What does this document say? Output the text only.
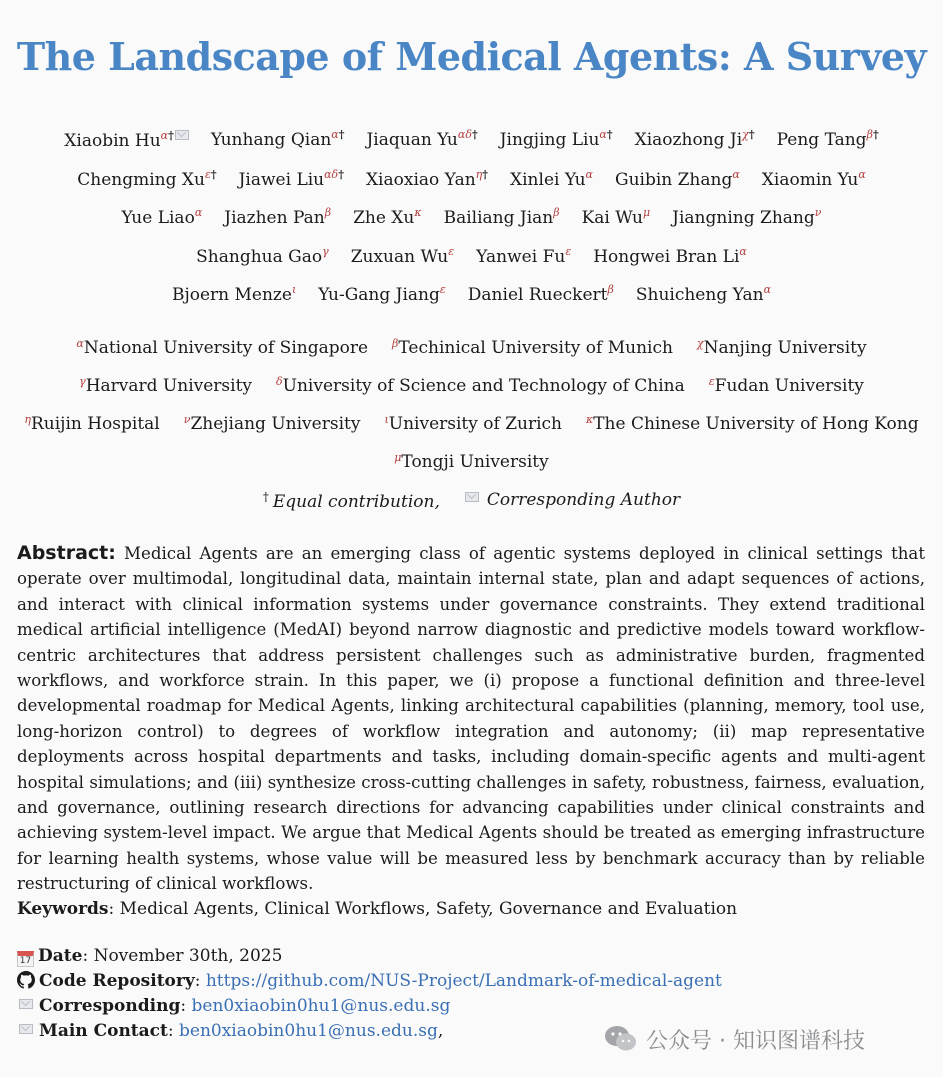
The Landscape of Medical Agents: A Survey
Xiaobin $Hu^{\alpha\dagger}$	Yunhang Qian$^{\alpha\dagger}$ Jiaquan $Yu^{\alpha\delta\dagger}$ Jingjing Liu$^{\alpha\dagger}$ Xiaozhong $Ji^{\chi\dagger}$ Peng Tang$^{\beta\dagger}$
Chengming $Xu^{\varepsilon\dagger}$ Jiawei Liu$^{\alpha\delta\dagger}$ Xiaoxiao Yan$^{\eta\dagger}$ Xinlei $Yu^\alpha$ Guibin Zhang$^\alpha$ Xiaomin $Yu^\alpha$
Yue Liao$^\alpha$ Jiazhen Pan$^\beta$ Zhe $Xu^\kappa$ Bailiang Jian$^\beta$ Kai $Wu^\mu$ Jiangning Zhang$^\nu$
Shanghua Gao$^\gamma$ Zuxuan $Wu^\varepsilon$ Yanwei $Fu^\varepsilon$ Hongwei Bran $Li^\alpha$
Bjoern Menze$^\iota$ Yu-Gang Jiang$^\varepsilon$ Daniel Rueckert$^\beta$ Shuicheng Yan$^\alpha$
$^\alpha$National University of Singapore $^\beta$Techinical University of Munich $^\chi$Nanjing University
$^\gamma$Harvard University $^\delta$University of Science and Technology of China $^\varepsilon$Fudan University
$^\eta$Ruijin Hospital $^\nu$Zhejiang University $^\iota$University of Zurich $^\kappa$The Chinese University of Hong Kong
$^\mu$Tongji University
† Equal contribution,	Corresponding Author
Abstract: Medical Agents are an emerging class of agentic systems deployed in clinical settings that operate over multimodal, longitudinal data, maintain internal state, plan and adapt sequences of actions, and interact with clinical information systems under governance constraints. They extend traditional medical artificial intelligence (MedAI) beyond narrow diagnostic and predictive models toward workflow-centric architectures that address persistent challenges such as administrative burden, fragmented workflows, and workforce strain. In this paper, we (i) propose a functional definition and three-level developmental roadmap for Medical Agents, linking architectural capabilities (planning, memory, tool use, long-horizon control) to degrees of workflow integration and autonomy; (ii) map representative deployments across hospital departments and tasks, including domain-specific agents and multi-agent hospital simulations; and (iii) synthesize cross-cutting challenges in safety, robustness, fairness, evaluation, and governance, outlining research directions for advancing capabilities under clinical constraints and achieving system-level impact. We argue that Medical Agents should be treated as emerging infrastructure for learning health systems, whose value will be measured less by benchmark accuracy than by reliable restructuring of clinical workflows.
Keywords: Medical Agents, Clinical Workflows, Safety, Governance and Evaluation
17 Date: November 30th, 2025
Code Repository: https://github.com/NUS-Project/Landmark-of-medical-agent
Corresponding: ben0xiaobin0hu1@nus.edu.sg
Main Contact: ben0xiaobin0hu1@nus.edu.sg,	公众号 · 知识图谱科技
